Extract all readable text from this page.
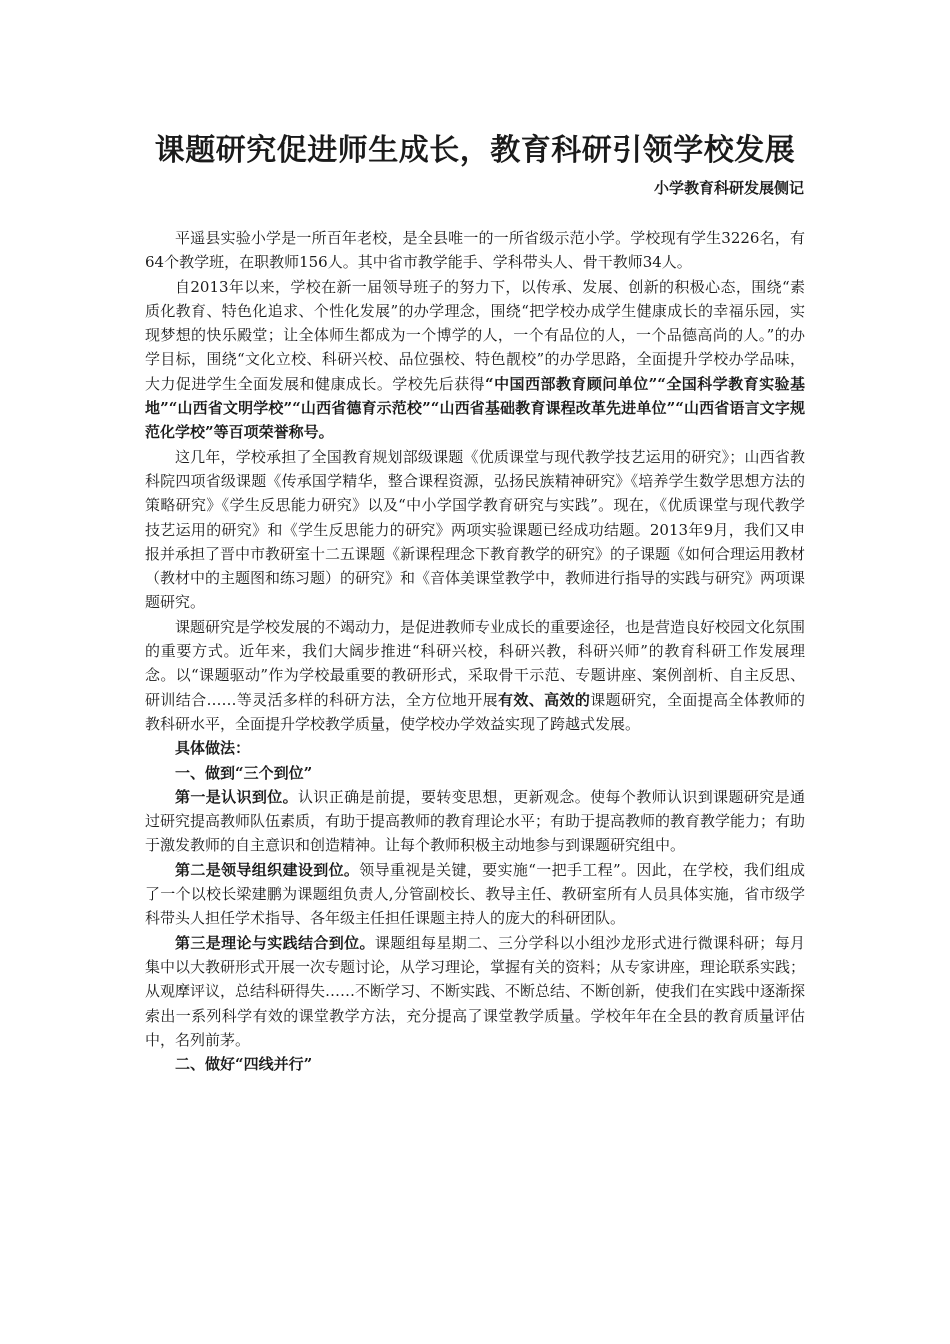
课题研究促进师生成长，教育科研引领学校发展
小学教育科研发展侧记

平遥县实验小学是一所百年老校，是全县唯一的一所省级示范小学。学校现有学生3226名，有64个教学班，在职教师156人。其中省市教学能手、学科带头人、骨干教师34人。

自2013年以来，学校在新一届领导班子的努力下，以传承、发展、创新的积极心态，围绕“素质化教育、特色化追求、个性化发展”的办学理念，围绕“把学校办成学生健康成长的幸福乐园，实现梦想的快乐殿堂；让全体师生都成为一个博学的人，一个有品位的人，一个品德高尚的人。”的办学目标，围绕“文化立校、科研兴校、品位强校、特色靓校”的办学思路，全面提升学校办学品味，大力促进学生全面发展和健康成长。学校先后获得“中国西部教育顾问单位”“全国科学教育实验基地”“山西省文明学校”“山西省德育示范校”“山西省基础教育课程改革先进单位”“山西省语言文字规范化学校”等百项荣誉称号。

这几年，学校承担了全国教育规划部级课题《优质课堂与现代教学技艺运用的研究》；山西省教科院四项省级课题《传承国学精华，整合课程资源，弘扬民族精神研究》《培养学生数学思想方法的策略研究》《学生反思能力研究》以及“中小学国学教育研究与实践”。现在，《优质课堂与现代教学技艺运用的研究》和《学生反思能力的研究》两项实验课题已经成功结题。2013年9月，我们又申报并承担了晋中市教研室十二五课题《新课程理念下教育教学的研究》的子课题《如何合理运用教材（教材中的主题图和练习题）的研究》和《音体美课堂教学中，教师进行指导的实践与研究》两项课题研究。

课题研究是学校发展的不竭动力，是促进教师专业成长的重要途径，也是营造良好校园文化氛围的重要方式。近年来，我们大阔步推进“科研兴校，科研兴教，科研兴师”的教育科研工作发展理念。以“课题驱动”作为学校最重要的教研形式，采取骨干示范、专题讲座、案例剖析、自主反思、研训结合……等灵活多样的科研方法，全方位地开展有效、高效的课题研究，全面提高全体教师的教科研水平，全面提升学校教学质量，使学校办学效益实现了跨越式发展。

具体做法：

一、做到“三个到位”

第一是认识到位。认识正确是前提，要转变思想，更新观念。使每个教师认识到课题研究是通过研究提高教师队伍素质，有助于提高教师的教育理论水平；有助于提高教师的教育教学能力；有助于激发教师的自主意识和创造精神。让每个教师积极主动地参与到课题研究组中。

第二是领导组织建设到位。领导重视是关键，要实施“一把手工程”。因此，在学校，我们组成了一个以校长梁建鹏为课题组负责人,分管副校长、教导主任、教研室所有人员具体实施，省市级学科带头人担任学术指导、各年级主任担任课题主持人的庞大的科研团队。

第三是理论与实践结合到位。课题组每星期二、三分学科以小组沙龙形式进行微课科研；每月集中以大教研形式开展一次专题讨论，从学习理论，掌握有关的资料；从专家讲座，理论联系实践；从观摩评议，总结科研得失……不断学习、不断实践、不断总结、不断创新，使我们在实践中逐渐探索出一系列科学有效的课堂教学方法，充分提高了课堂教学质量。学校年年在全县的教育质量评估中，名列前茅。

二、做好“四线并行”
